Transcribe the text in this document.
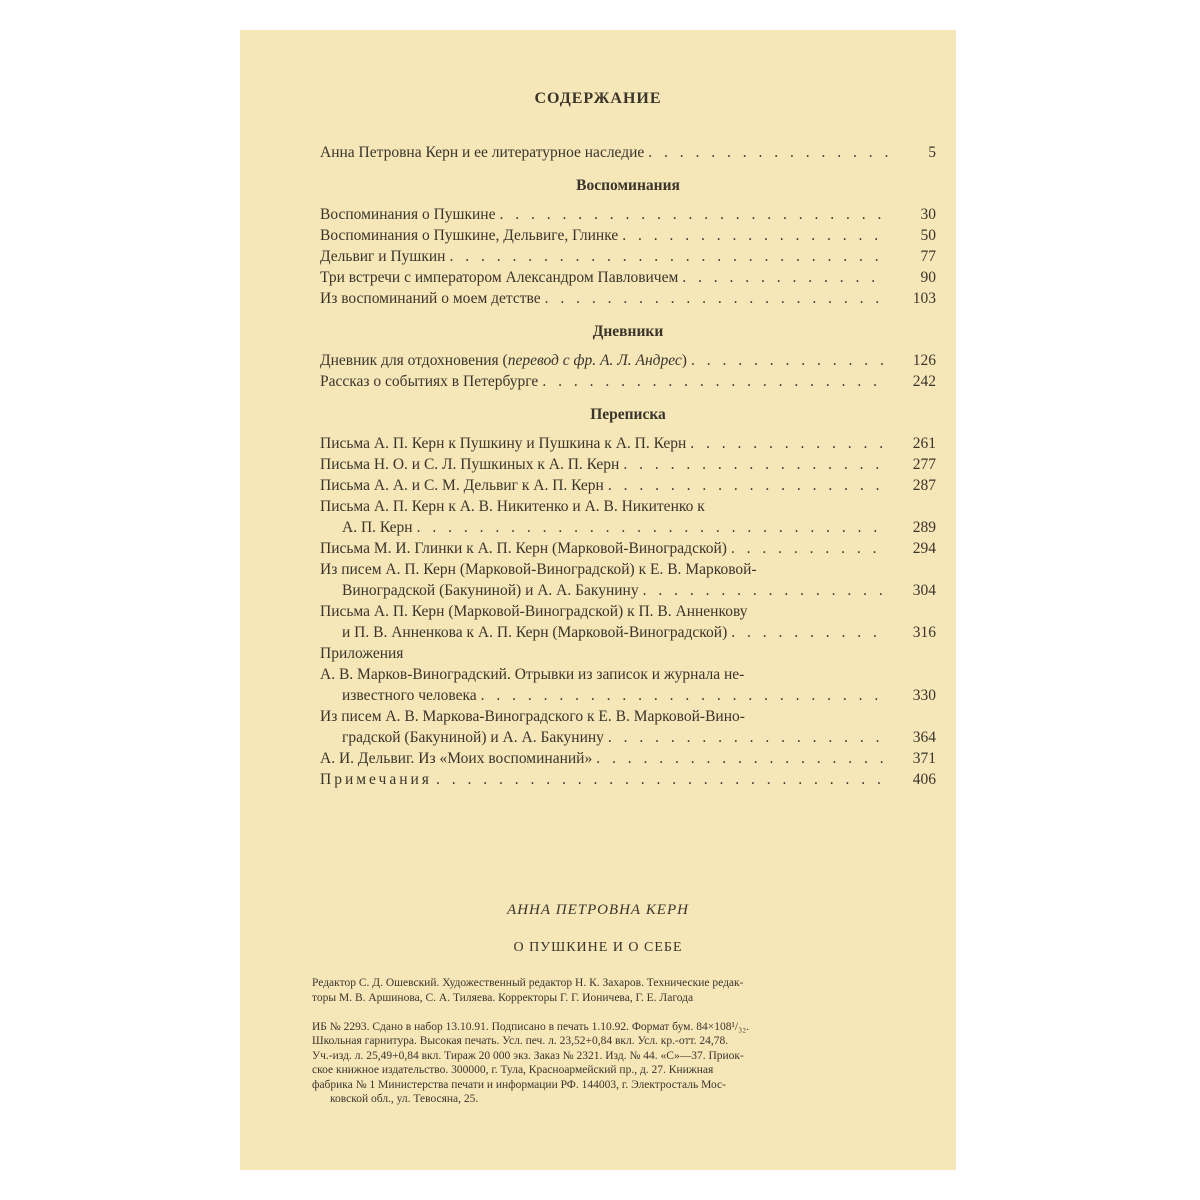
СОДЕРЖАНИЕ
Анна Петровна Керн и ее литературное наследие . . .	5
Воспоминания
Воспоминания о Пушкине . . .	30
Воспоминания о Пушкине, Дельвиге, Глинке . . .	50
Дельвиг и Пушкин . . .	77
Три встречи с императором Александром Павловичем . . .	90
Из воспоминаний о моем детстве . . .	103
Дневники
Дневник для отдохновения (перевод с фр. А. Л. Андрес) . . .	126
Рассказ о событиях в Петербурге . . .	242
Переписка
Письма А. П. Керн к Пушкину и Пушкина к А. П. Керн . . .	261
Письма Н. О. и С. Л. Пушкиных к А. П. Керн . . .	277
Письма А. А. и С. М. Дельвиг к А. П. Керн . . .	287
Письма А. П. Керн к А. В. Никитенко и А. В. Никитенко к
А. П. Керн . . .	289
Письма М. И. Глинки к А. П. Керн (Марковой-Виноградской) . . .	294
Из писем А. П. Керн (Марковой-Виноградской) к Е. В. Марковой-
Виноградской (Бакуниной) и А. А. Бакунину . . .	304
Письма А. П. Керн (Марковой-Виноградской) к П. В. Анненкову
и П. В. Анненкова к А. П. Керн (Марковой-Виноградской) . . .	316
Приложения
А. В. Марков-Виноградский. Отрывки из записок и журнала не-
известного человека . . .	330
Из писем А. В. Маркова-Виноградского к Е. В. Марковой-Вино-
градской (Бакуниной) и А. А. Бакунину . . .	364
А. И. Дельвиг. Из «Моих воспоминаний» . . .	371
Примечания . . .	406
АННА ПЕТРОВНА КЕРН
О ПУШКИНЕ И О СЕБЕ
Редактор С. Д. Ошевский. Художественный редактор Н. К. Захаров. Технические редак-
торы М. В. Аршинова, С. А. Тиляева. Корректоры Г. Г. Ионичева, Г. Е. Лагода
ИБ № 2293. Сдано в набор 13.10.91. Подписано в печать 1.10.92. Формат бум. 84×108¹/₃₂.
Школьная гарнитура. Высокая печать. Усл. печ. л. 23,52+0,84 вкл. Усл. кр.-отт. 24,78.
Уч.-изд. л. 25,49+0,84 вкл. Тираж 20 000 экз. Заказ № 2321. Изд. № 44. «С»—37. Приок-
ское книжное издательство. 300000, г. Тула, Красноармейский пр., д. 27. Книжная
фабрика № 1 Министерства печати и информации РФ. 144003, г. Электросталь Мос-
ковской обл., ул. Тевосяна, 25.
